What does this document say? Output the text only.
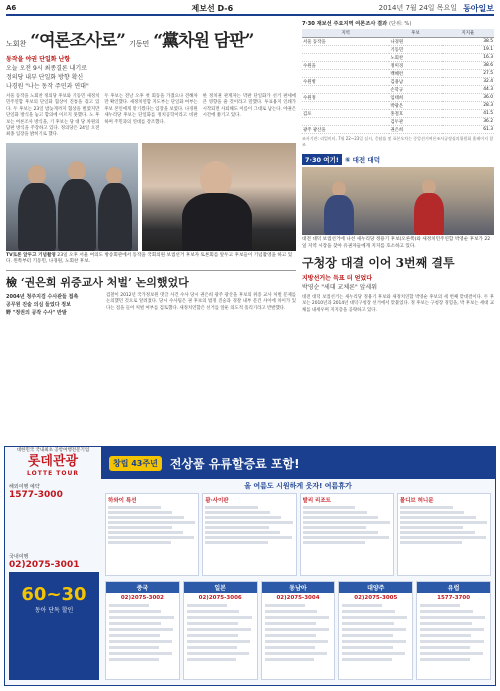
A6	제보선 D-6	2014년 7월 24일 목요일 동아일보
노회찬 “여론조사로” 기동민 “黨차원 담판”
동작을 야권 단일화 난항
오늘 오전 9시 최종결론 내기로
정의당 내부 단일화 방향 확신
나경원 "나는 동작 주민과 연대"

서울 동작을 노회찬 정의당 후보와 기동민 새정치민주연합 후보의 단일화 협상이 진통을 겪고 있다. 두 후보는 23일 밤늦게까지 협상을 벌였지만 단일화 방식을 놓고 합의에 이르지 못했다. 노 후보는 여론조사 방식을, 기 후보는 당 대 당 차원의 담판 방식을 주장하고 있다. 정의당은 24일 오전 최종 입장을 밝히기로 했다.

두 후보는 전날 오후 첫 회동을 가졌으나 견해차만 확인했다. 새정치연합 지도부는 단일화 여부는 후보 본인에게 맡기겠다는 입장을 보였다. 나경원 새누리당 후보는 단일화를 정치공학이라고 비판하며 주민과의 연대를 강조했다.

한 정치권 관계자는 막판 단일화가 선거 판세에 큰 영향을 줄 것이라고 말했다. 투표용지 인쇄가 시작되면 사퇴해도 이름이 그대로 남는다. 야권은 시간에 쫓기고 있다.

TV토론 앞두고 기념촬영 23일 오후 서울 여의도 방송회관에서 동작을 국회의원 보궐선거 후보자 토론회를 앞두고 후보들이 기념촬영을 하고 있다. 왼쪽부터 기동민, 나경원, 노회찬 후보.
檢 ‘권은희 위증교사 처벌’ 논의했었다
2004년 청주지검 수사관들 접촉
공무원 진술 의심 들었다 정보
野 "정권의 공작 수사" 반발

검찰이 2012년 국가정보원 댓글 사건 수사 당시 권은희 광주 광산을 후보의 위증 교사 처벌 문제를 논의했던 것으로 알려졌다. 당시 수사팀은 권 후보의 법정 진술과 경찰 내부 문건 사이에 차이가 있다는 점을 들어 처벌 여부를 검토했다. 새정치연합은 선거를 앞둔 의도적 흘리기라고 반발했다.

7·30 재보선 주요지역 여론조사 결과 (단위: %)
지역	후보	지지율
서울 동작을	나경원	38.5
	기동민	19.1
	노회찬	16.3
수원을	정미경	38.6
	백혜련	27.5
수원병	김용남	32.4
	손학규	44.3
수원정	임태희	36.0
	박광온	28.3
김포	홍철호	41.5
	김두관	36.2
광주 광산을	권은희	61.3
조사기관: 리얼미터, 7월 22~23일 실시, 응답률 및 표본오차는 중앙선거여론조사공정심의위원회 홈페이지 참조
7·30 여기! ⑥ 대전 대덕
대전 대덕 보궐선거에 나선 새누리당 정용기 후보(오른쪽)와 새정치민주연합 박영순 후보가 22일 지역 시장을 찾아 유권자들에게 지지를 호소하고 있다.
구청장 대결 이어 3번째 결투
지방선거는 득표 더 얻었다
박영순 "세대 교체론" 앞세워

대전 대덕 보궐선거는 새누리당 정용기 후보와 새정치연합 박영순 후보의 세 번째 맞대결이다. 두 후보는 2010년과 2014년 대덕구청장 선거에서 맞붙었다. 정 후보는 구청장 경험을, 박 후보는 세대 교체를 내세우며 지지층을 공략하고 있다.

대한민국 국내최초 공항여행전문기업
롯데관광
LOTTE TOUR
창립 43주년	전상품 유류할증료 포함!
해외여행 예약
1577-3000
국내여행
02)2075-3001
60~30
동아 단독 할인
올 여름도 시원하게 웃자! 여름휴가
하와이 특선	괌·사이판	발리 리조트	몰디브 허니문
중국
02)2075-3002
일본
02)2075-3006
동남아
02)2075-3004
대양주
02)2075-3005
유럽
1577-3700
